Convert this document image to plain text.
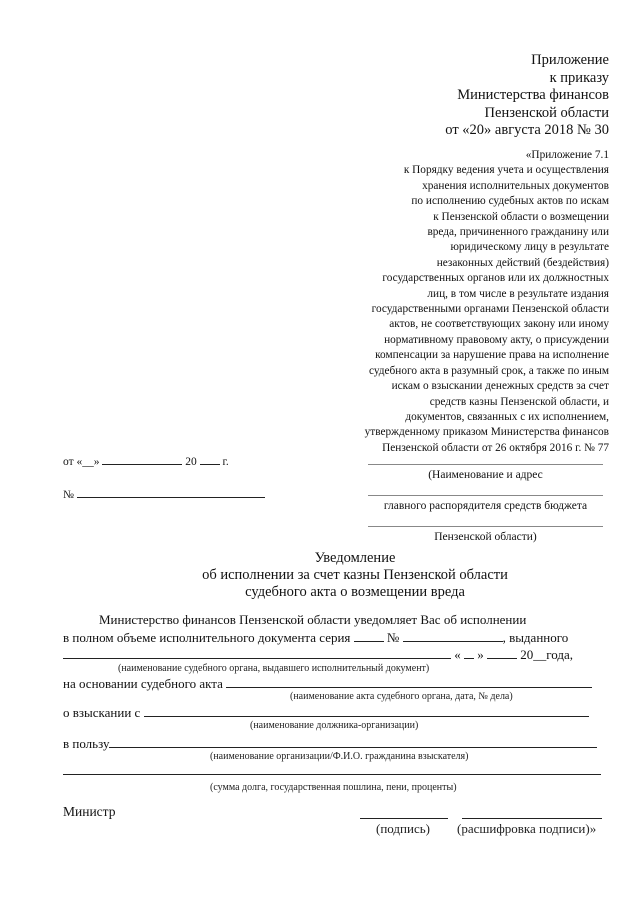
Приложение
к приказу
Министерства финансов
Пензенской области
от «20» августа 2018 № 30
«Приложение 7.1
к Порядку ведения учета и осуществления
хранения исполнительных документов
по исполнению судебных актов по искам
к Пензенской области о возмещении
вреда, причиненного гражданину или
юридическому лицу в результате
незаконных действий (бездействия)
государственных органов или их должностных
лиц, в том числе в результате издания
государственными органами Пензенской области
актов, не соответствующих закону или иному
нормативному правовому акту, о присуждении
компенсации за нарушение права на исполнение
судебного акта в разумный срок, а также по иным
искам о взыскании денежных средств за счет
средств казны Пензенской области, и
документов, связанных с их исполнением,
утвержденному приказом Министерства финансов
Пензенской области от 26 октября 2016 г. № 77
от «__»	20 г.
№
(Наименование и адрес
главного распорядителя средств бюджета
Пензенской области)
Уведомление
об исполнении за счет казны Пензенской области
судебного акта о возмещении вреда
Министерство финансов Пензенской области уведомляет Вас об исполнении
в полном объеме исполнительного документа серия	№	, выданного
« »	20__года,
(наименование судебного органа, выдавшего исполнительный документ)
на основании судебного акта
(наименование акта судебного органа, дата, № дела)
о взыскании с
(наименование должника-организации)
в пользу
(наименование организации/Ф.И.О. гражданина взыскателя)
(сумма долга, государственная пошлина, пени, проценты)
Министр
(подпись) (расшифровка подписи)»
